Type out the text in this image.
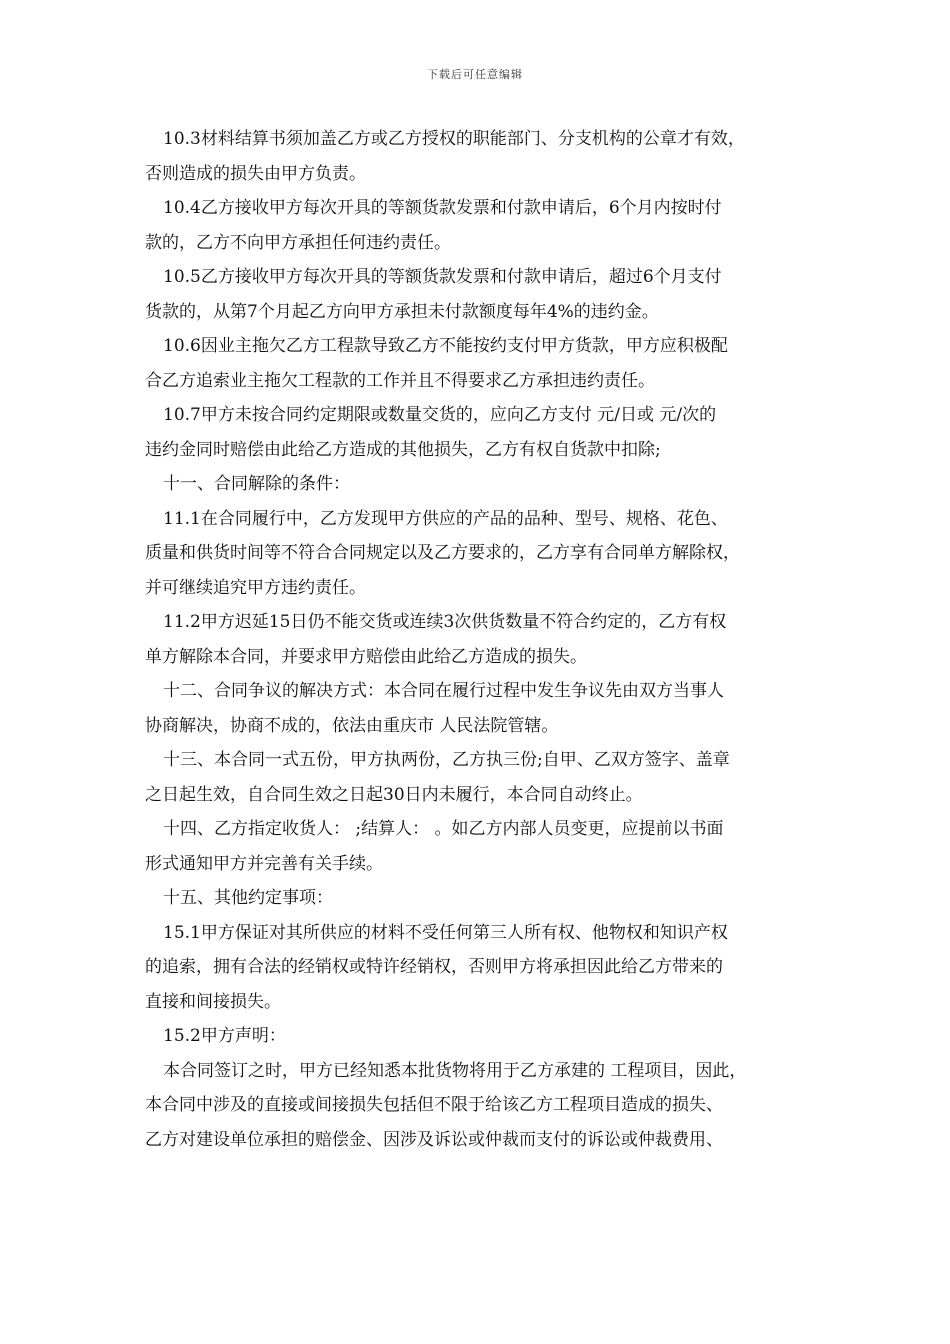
下载后可任意编辑

10.3材料结算书须加盖乙方或乙方授权的职能部门、分支机构的公章才有效，
否则造成的损失由甲方负责。

10.4乙方接收甲方每次开具的等额货款发票和付款申请后，6个月内按时付
款的，乙方不向甲方承担任何违约责任。

10.5乙方接收甲方每次开具的等额货款发票和付款申请后，超过6个月支付
货款的，从第7个月起乙方向甲方承担未付款额度每年4%的违约金。

10.6因业主拖欠乙方工程款导致乙方不能按约支付甲方货款，甲方应积极配
合乙方追索业主拖欠工程款的工作并且不得要求乙方承担违约责任。

10.7甲方未按合同约定期限或数量交货的，应向乙方支付 元/日或 元/次的
违约金同时赔偿由此给乙方造成的其他损失，乙方有权自货款中扣除;

十一、合同解除的条件：

11.1在合同履行中，乙方发现甲方供应的产品的品种、型号、规格、花色、
质量和供货时间等不符合合同规定以及乙方要求的，乙方享有合同单方解除权，
并可继续追究甲方违约责任。

11.2甲方迟延15日仍不能交货或连续3次供货数量不符合约定的，乙方有权
单方解除本合同，并要求甲方赔偿由此给乙方造成的损失。

十二、合同争议的解决方式：本合同在履行过程中发生争议先由双方当事人
协商解决，协商不成的，依法由重庆市 人民法院管辖。

十三、本合同一式五份，甲方执两份，乙方执三份;自甲、乙双方签字、盖章
之日起生效，自合同生效之日起30日内未履行，本合同自动终止。

十四、乙方指定收货人： ;结算人： 。如乙方内部人员变更，应提前以书面
形式通知甲方并完善有关手续。

十五、其他约定事项：

15.1甲方保证对其所供应的材料不受任何第三人所有权、他物权和知识产权
的追索，拥有合法的经销权或特许经销权，否则甲方将承担因此给乙方带来的
直接和间接损失。

15.2甲方声明：

本合同签订之时，甲方已经知悉本批货物将用于乙方承建的 工程项目，因此，
本合同中涉及的直接或间接损失包括但不限于给该乙方工程项目造成的损失、
乙方对建设单位承担的赔偿金、因涉及诉讼或仲裁而支付的诉讼或仲裁费用、
